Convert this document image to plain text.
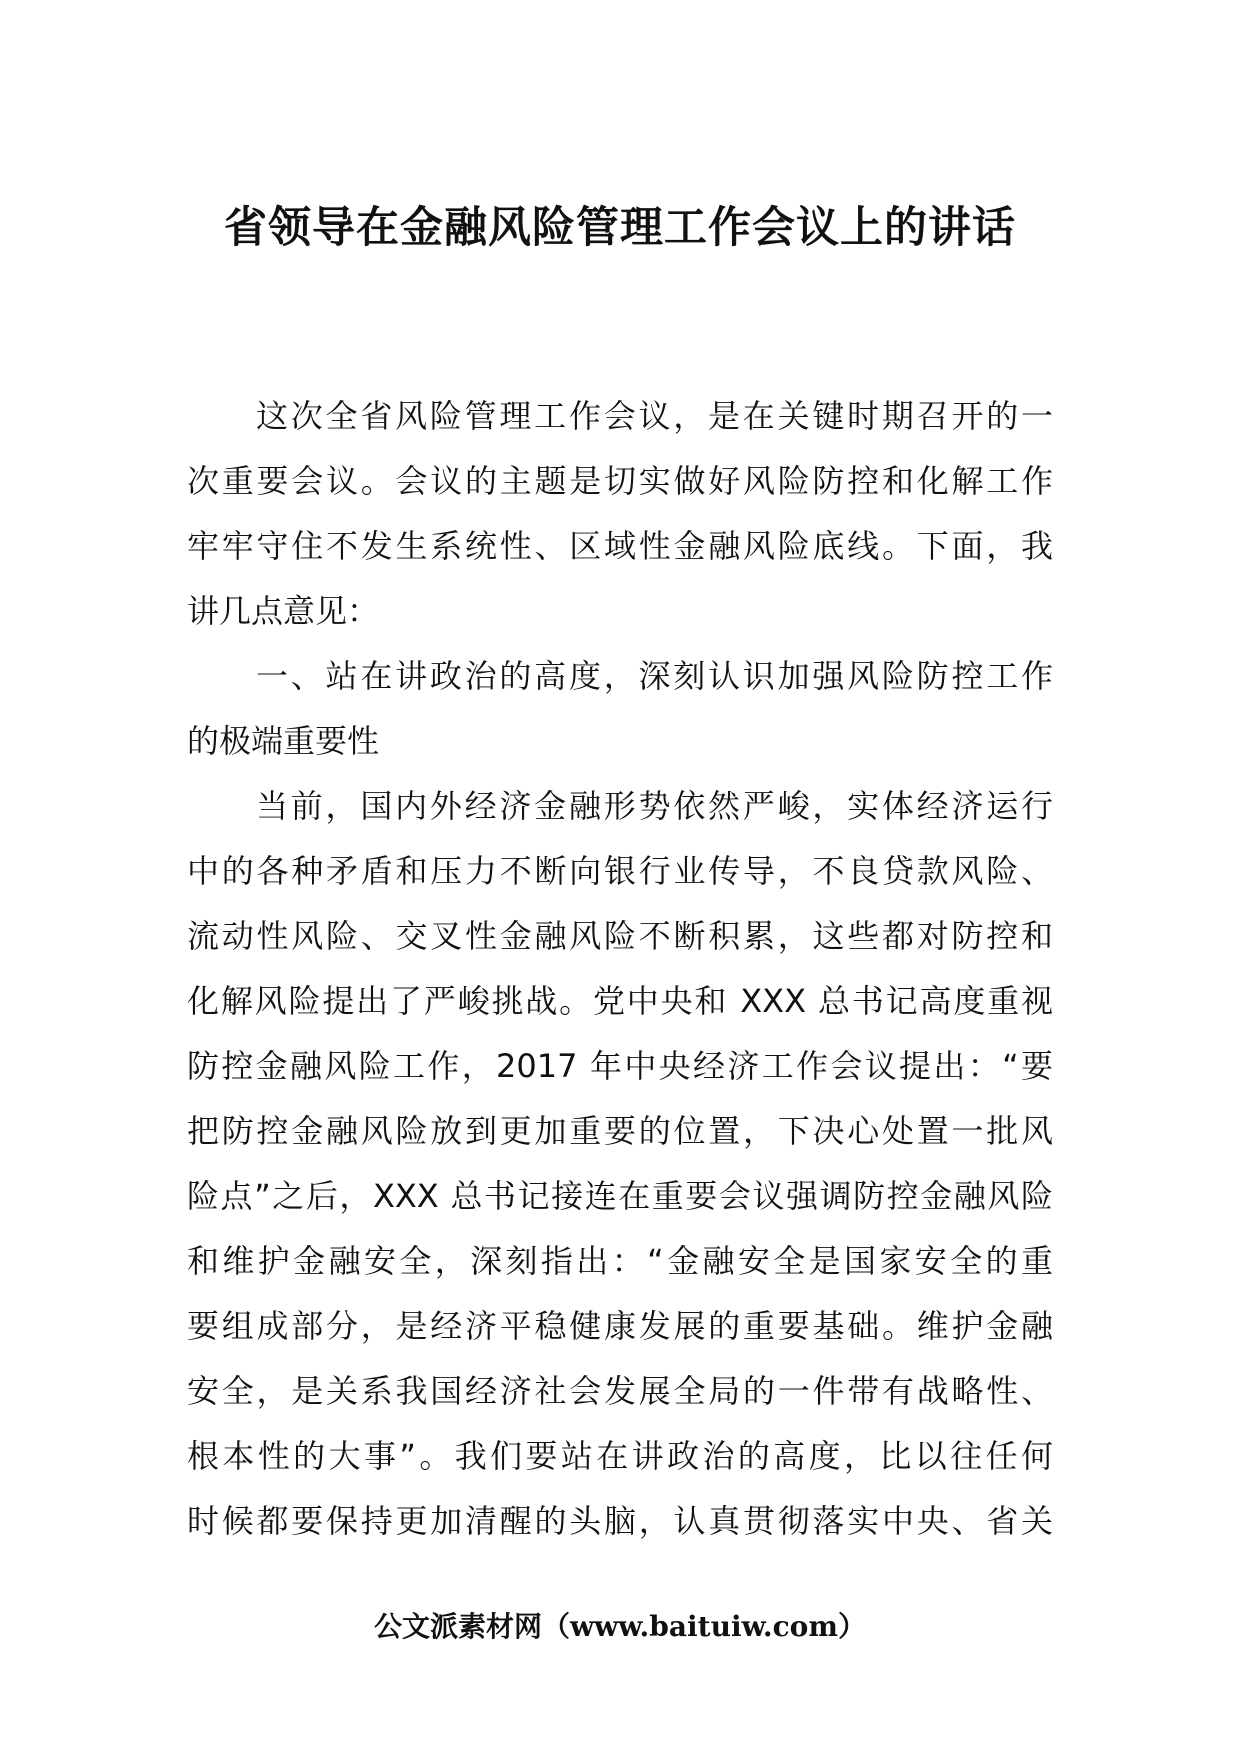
省领导在金融风险管理工作会议上的讲话
这次全省风险管理工作会议，是在关键时期召开的一
次重要会议。会议的主题是切实做好风险防控和化解工作
牢牢守住不发生系统性、区域性金融风险底线。下面，我
讲几点意见：
一、站在讲政治的高度，深刻认识加强风险防控工作
的极端重要性
当前，国内外经济金融形势依然严峻，实体经济运行
中的各种矛盾和压力不断向银行业传导，不良贷款风险、
流动性风险、交叉性金融风险不断积累，这些都对防控和
化解风险提出了严峻挑战。党中央和 XXX 总书记高度重视
防控金融风险工作，2017 年中央经济工作会议提出：“要
把防控金融风险放到更加重要的位置，下决心处置一批风
险点”之后，XXX 总书记接连在重要会议强调防控金融风险
和维护金融安全，深刻指出：“金融安全是国家安全的重
要组成部分，是经济平稳健康发展的重要基础。维护金融
安全，是关系我国经济社会发展全局的一件带有战略性、
根本性的大事”。我们要站在讲政治的高度，比以往任何
时候都要保持更加清醒的头脑，认真贯彻落实中央、省关
公文派素材网（www.baituiw.com）
